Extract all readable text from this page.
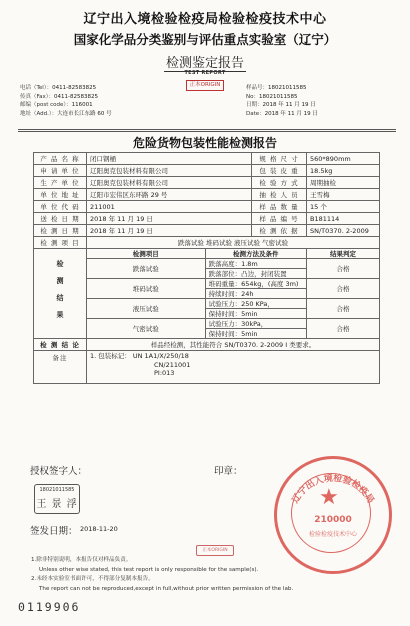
辽宁出入境检验检疫局检验检疫技术中心
国家化学品分类鉴别与评估重点实验室（辽宁）
检测鉴定报告
电话（Tel）：0411-82583825
传真（Fax）：0411-82583825
邮编（post code）：116001
地址（Add.）：大连市长江东路 60 号
TEST REPORT
正本ORIGIN	样品号：18021011585
No：18021011585
日期：2018 年 11 月 19 日
Date：2018 年 11 月 19 日
危险货物包装性能检测报告
产 品 名 称	闭口钢桶		规 格 尺 寸	560*890mm
申 请 单 位	辽阳奥克包装材料有限公司		包 装 皮 重	18.5kg
生 产 单 位	辽阳奥克包装材料有限公司		检 验 方 式	周期抽检
单 位 地 址	辽阳市宏伟区东环路 29 号		抽 检 人 员	王雪梅
单 位 代 码	211001		样 品 数 量	15 个
送 检 日 期	2018 年 11 月 19 日		样 品 编 号	B181114
检 测 日 期	2018 年 11 月 19 日		检 测 依 据	SN/T0370. 2-2009
检 测 项 目	跌落试验 堆码试验 液压试验 气密试验			
检测结果	检测项目	检测方法及条件		结果判定
	跌落试验	跌落高度：1.8m		合格
		跌落部位：凸边，封闭装置		
	堆码试验	堆码重量：654kg，(高度 3m)		合格
		持续时间：24h		
	液压试验	试验压力：250 KPa，		合格
		保持时间：5min		
	气密试验	试验压力：30kPa，		合格
		保持时间：5min		
检 测 结 论	样品经检测，其性能符合 SN/T0370. 2-2009 I 类要求。			
备注	1. 包装标记： UN 1A1/X/250/18
CN/211001
PI:013			
授权签字人：	印章：
18021011585
王 景 浮
签发日期： 2018-11-20
辽宁出入境检验检疫局
★
210000
检验检疫技术中心
正本ORIGIN
1.除非特别说明，本报告仅对样品负责。
Unless other wise stated, this test report is only responsible for the sample(s).
2.未经本实验室书面许可，不得部分复制本报告。
The report can not be reproduced,except in full,without prior written permission of the lab.
0119906
